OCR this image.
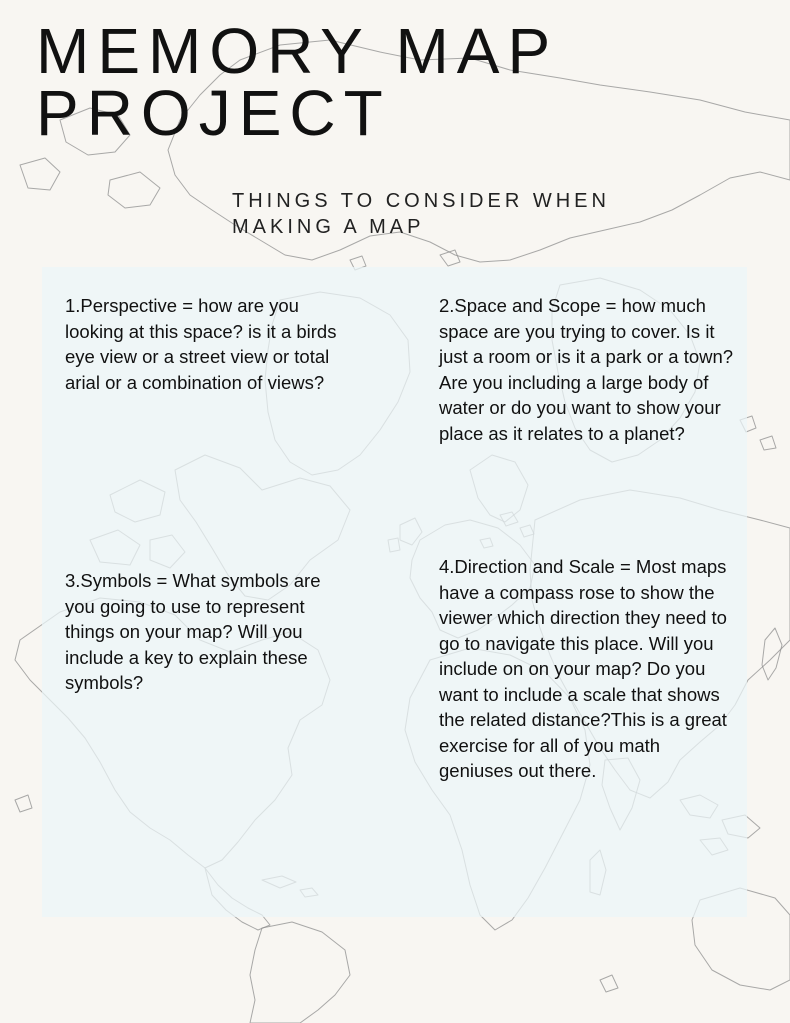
MEMORY MAP
PROJECT
THINGS TO CONSIDER WHEN
MAKING A MAP

1.Perspective = how are you looking at this space? is it a birds eye view or a street view or total arial or a combination of views?

2.Space and Scope = how much space are you trying to cover. Is it just a room or is it a park or a town? Are you including a large body of water or do you want to show your place as it relates to a planet?

3.Symbols = What symbols are you going to use to represent things on your map? Will you include a key to explain these symbols?

4.Direction and Scale = Most maps have a compass rose to show the viewer which direction they need to go to navigate this place. Will you include on on your map? Do you want to include a scale that shows the related distance?This is a great exercise for all of you math geniuses out there.
